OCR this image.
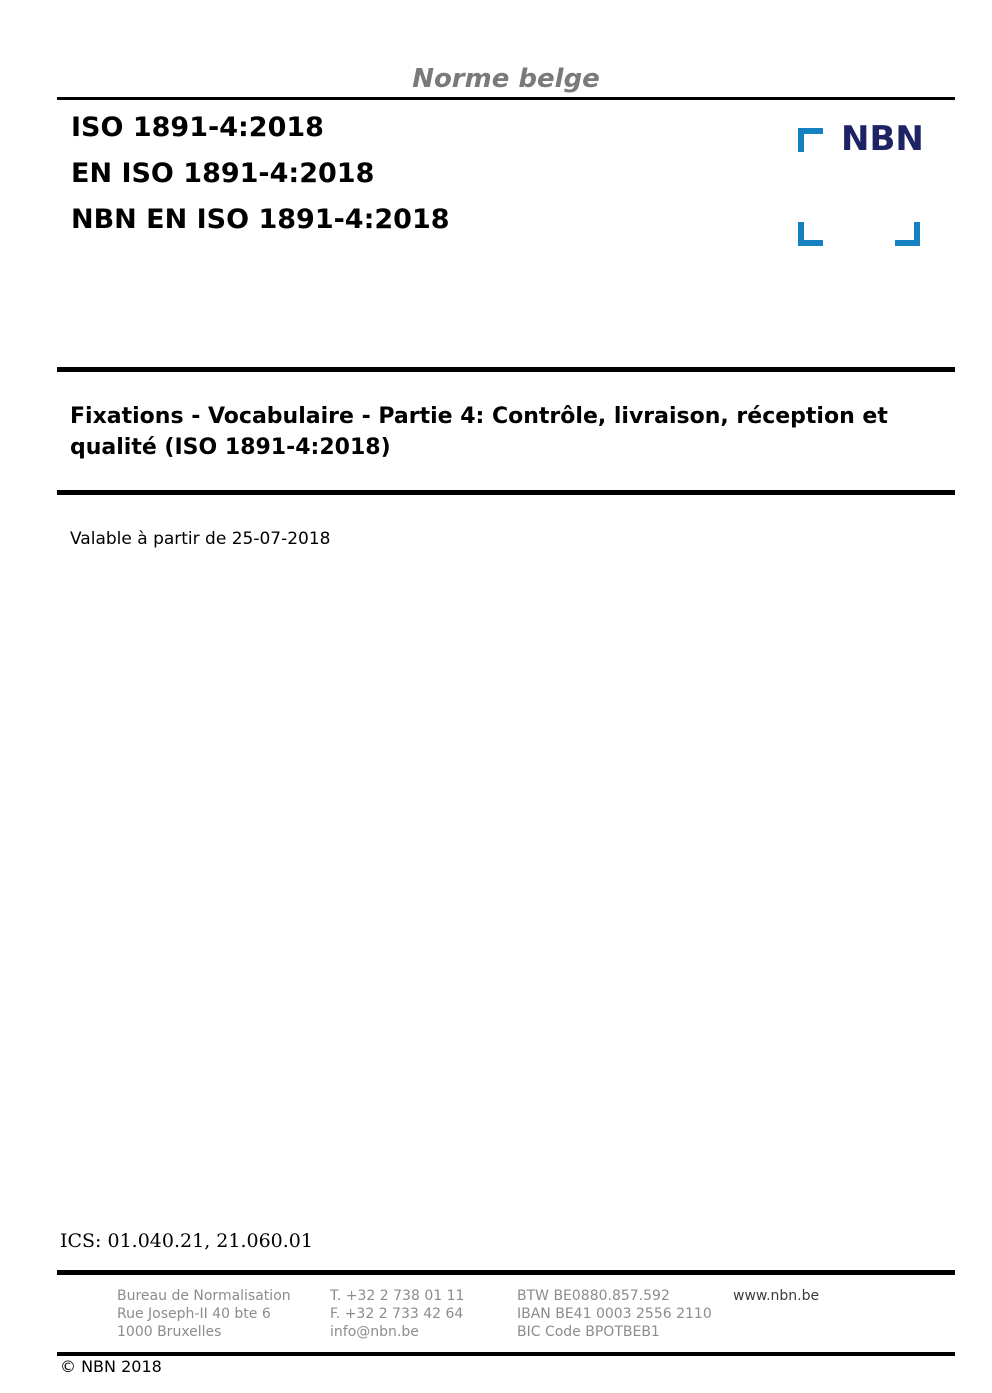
Norme belge
ISO 1891-4:2018
EN ISO 1891-4:2018
NBN EN ISO 1891-4:2018
NBN
Fixations - Vocabulaire - Partie 4: Contrôle, livraison, réception et
qualité (ISO 1891-4:2018)
Valable à partir de 25-07-2018
ICS: 01.040.21, 21.060.01
Bureau de Normalisation
Rue Joseph-II 40 bte 6
1000 Bruxelles
T. +32 2 738 01 11
F. +32 2 733 42 64
info@nbn.be
BTW BE0880.857.592
IBAN BE41 0003 2556 2110
BIC Code BPOTBEB1
www.nbn.be
© NBN 2018
